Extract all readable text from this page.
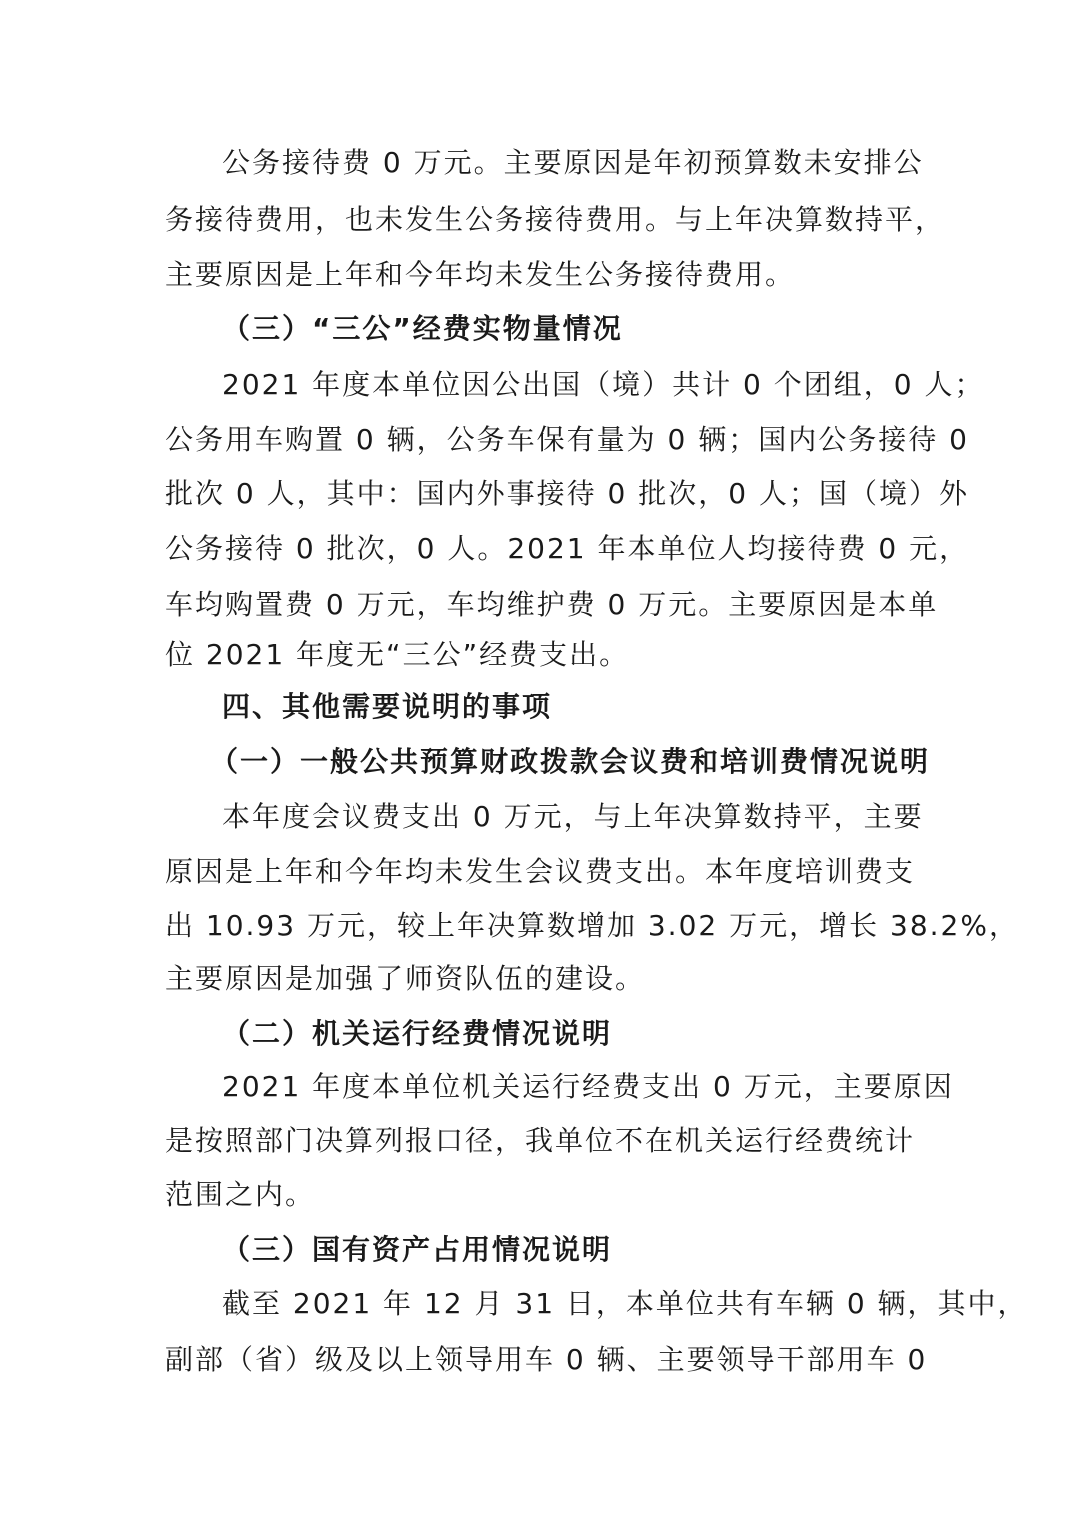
公务接待费 0 万元。主要原因是年初预算数未安排公
务接待费用，也未发生公务接待费用。与上年决算数持平，
主要原因是上年和今年均未发生公务接待费用。
（三）“三公”经费实物量情况
2021 年度本单位因公出国（境）共计 0 个团组，0 人；
公务用车购置 0 辆，公务车保有量为 0 辆；国内公务接待 0
批次 0 人，其中：国内外事接待 0 批次，0 人；国（境）外
公务接待 0 批次，0 人。2021 年本单位人均接待费 0 元，
车均购置费 0 万元，车均维护费 0 万元。主要原因是本单
位 2021 年度无“三公”经费支出。
四、其他需要说明的事项
（一）一般公共预算财政拨款会议费和培训费情况说明
本年度会议费支出 0 万元，与上年决算数持平，主要
原因是上年和今年均未发生会议费支出。本年度培训费支
出 10.93 万元，较上年决算数增加 3.02 万元，增长 38.2%，
主要原因是加强了师资队伍的建设。
（二）机关运行经费情况说明
2021 年度本单位机关运行经费支出 0 万元，主要原因
是按照部门决算列报口径，我单位不在机关运行经费统计
范围之内。
（三）国有资产占用情况说明
截至 2021 年 12 月 31 日，本单位共有车辆 0 辆，其中，
副部（省）级及以上领导用车 0 辆、主要领导干部用车 0
